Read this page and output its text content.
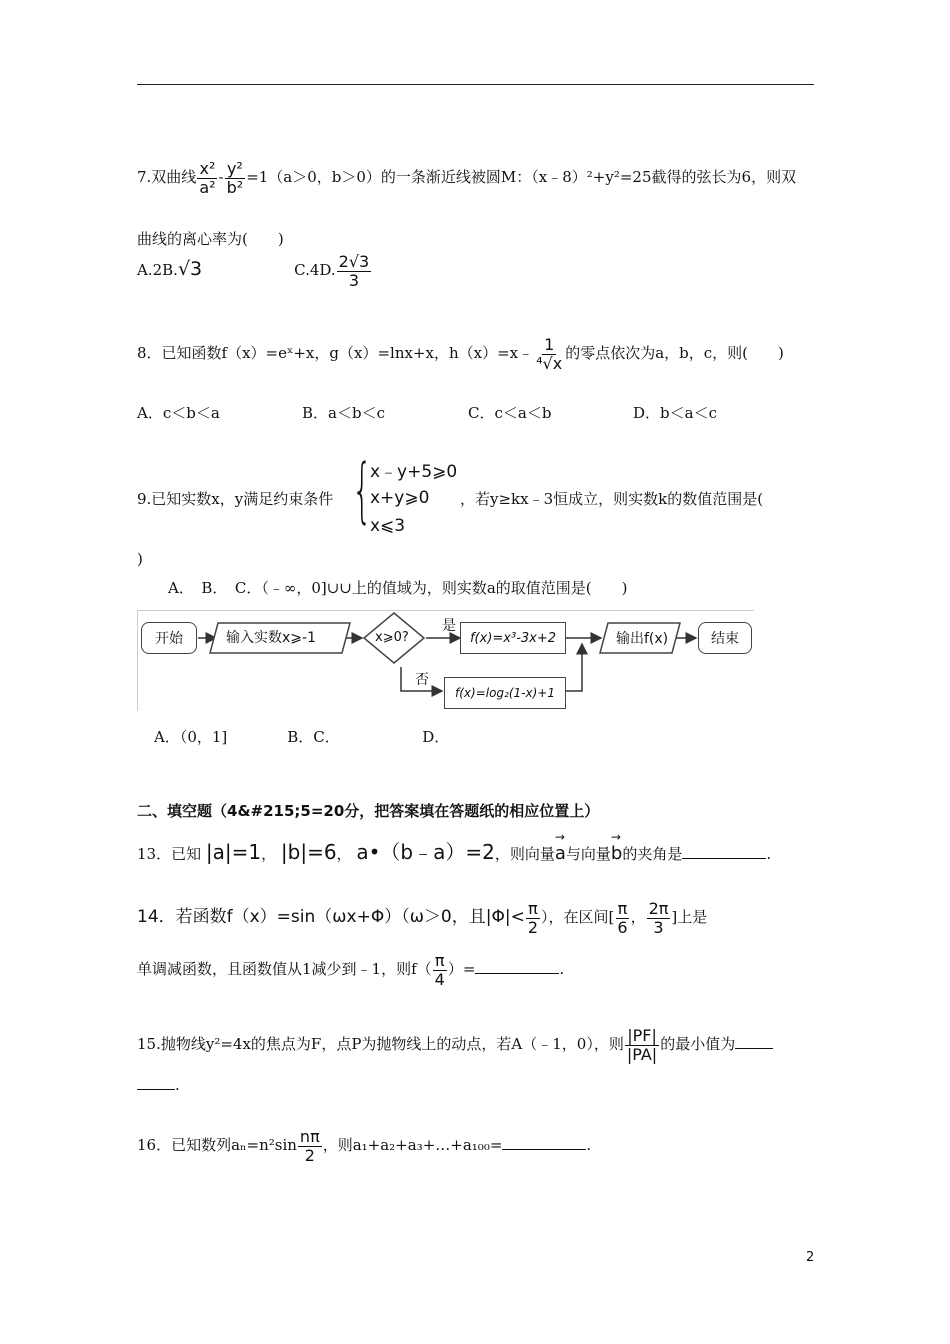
7.双曲线 $\frac{\text{x²}}{\text{a²}} - \frac{\text{y²}}{\text{b²}} =1(a>0$，b＞0）的一条渐近线被圆M：（x﹣8）²+y²=25截得的弦长为6，则双
曲线的离心率为(　　)
A.2B.√3	C.4D. $\frac{2√3}{3}$
8．已知函数f（x）=eˣ+x，g（x）=lnx+x，h（x）=x﹣ $\frac{1}{\text{⁴√x}}$ 的零点依次为a，b，c，则(　　)
A．c＜b＜a	B．a＜b＜c	C．c＜a＜b	D．b＜a＜c
9.已知实数x，y满足约束条件 {
x﹣y+5⩾0
x+y⩾0
x⩽3
，若y≥kx﹣3恒成立，则实数k的数值范围是(
)
A．　B．　C．（﹣∞，0]∪∪上的值域为，则实数a的取值范围是(　　)
开始	输入实数x⩾-1	x⩾0?
是
否
f(x)=x³-3x+2
f(x)=log₂(1-x)+1
输出f(x)	结束
A．（0，1]　　　　B．C．　　　　　　D．
二、填空题（4&#215;5=20分，把答案填在答题纸的相应位置上）
13．已知 |a|=1， |b|=6， a•（b﹣a）=2，则向量→ a与向量→ b的夹角是	.
14．若函数f（x）=sin（ωx+Φ）（ω＞0，且$|\Phi|< \frac{\pi}{2}$ ），在区间[ $\frac{\pi}{6}$ ， $\frac{2\pi}{3}$ ]上是
单调减函数，且函数值从1减少到﹣1，则$f( \frac{\pi}{4}$ ）=	.
15.抛物线y²=4x的焦点为F，点P为抛物线上的动点，若A（﹣1，0），则 $\frac{|PF|}{|PA|}$ 的最小值为
.
16．已知数列$a_n=n^2\sin \frac{n\pi}{2}$ ，则a₁+a₂+a₃+…+a₁₀₀=	.
2
